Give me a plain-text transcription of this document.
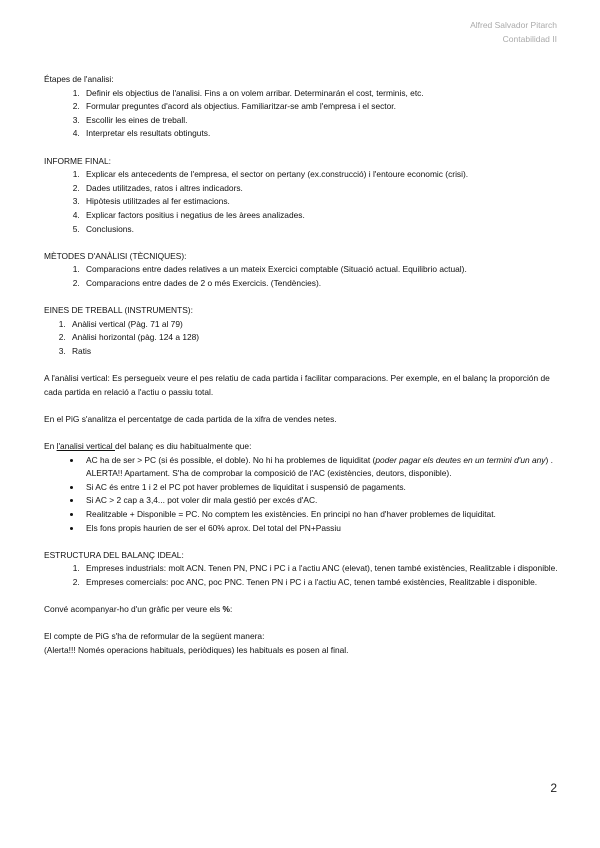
Alfred Salvador Pitarch
Contabilidad II

Étapes de l'analisi:

1. Definir els objectius de l'analisi. Fins a on volem arribar. Determinarán el cost, terminis, etc.
2. Formular preguntes d'acord als objectius. Familiaritzar-se amb l'empresa i el sector.
3. Escollir les eines de treball.
4. Interpretar els resultats obtinguts.

INFORME FINAL:

1. Explicar els antecedents de l'empresa, el sector on pertany (ex.construcció) i l'entoure economic (crisi).
2. Dades utilitzades, ratos i altres indicadors.
3. Hipòtesis utilitzades al fer estimacions.
4. Explicar factors positius i negatius de les àrees analizades.
5. Conclusions.

MÈTODES D'ANÀLISI (TÈCNIQUES):

1. Comparacions entre dades relatives a un mateix Exercici comptable (Situació actual. Equilibrio actual).
2. Comparacions entre dades de 2 o més Exercicis. (Tendències).

EINES DE TREBALL (INSTRUMENTS):

1. Anàlisi vertical (Pàg. 71 al 79)
2. Anàlisi horizontal (pàg. 124 a 128)
3. Ratis

A l'anàlisi vertical: Es persegueix veure el pes relatiu de cada partida i facilitar comparacions. Per exemple, en el balanç la proporción de cada partida en relació a l'actiu o passiu total.

En el PiG s'analitza el percentatge de cada partida de la xifra de vendes netes.

En l'analisi vertical del balanç es diu habitualmente que:

• AC ha de ser > PC (si és possible, el doble). No hi ha problemes de liquiditat (poder pagar els deutes en un termini d'un any) . ALERTA!! Apartament. S'ha de comprobar la composició de l'AC (existències, deutors, disponible).
• Si AC és entre 1 i 2 el PC pot haver problemes de liquiditat i suspensió de pagaments.
• Si AC > 2 cap a 3,4... pot voler dir mala gestió per excés d'AC.
• Realitzable + Disponible = PC. No comptem les existències. En principi no han d'haver problemes de liquiditat.
• Els fons propis haurien de ser el 60% aprox. Del total del PN+Passiu

ESTRUCTURA DEL BALANÇ IDEAL:

1. Empreses industrials: molt ACN. Tenen PN, PNC i PC i a l'actiu ANC (elevat), tenen també existències, Realitzable i disponible.
2. Empreses comercials: poc ANC, poc PNC. Tenen PN i PC i a l'actiu AC, tenen també existències, Realitzable i disponible.

Convé acompanyar-ho d'un gràfic per veure els %:

El compte de PiG s'ha de reformular de la següent manera:

(Alerta!!! Només operacions habituals, periòdiques) les habituals es posen al final.

2
